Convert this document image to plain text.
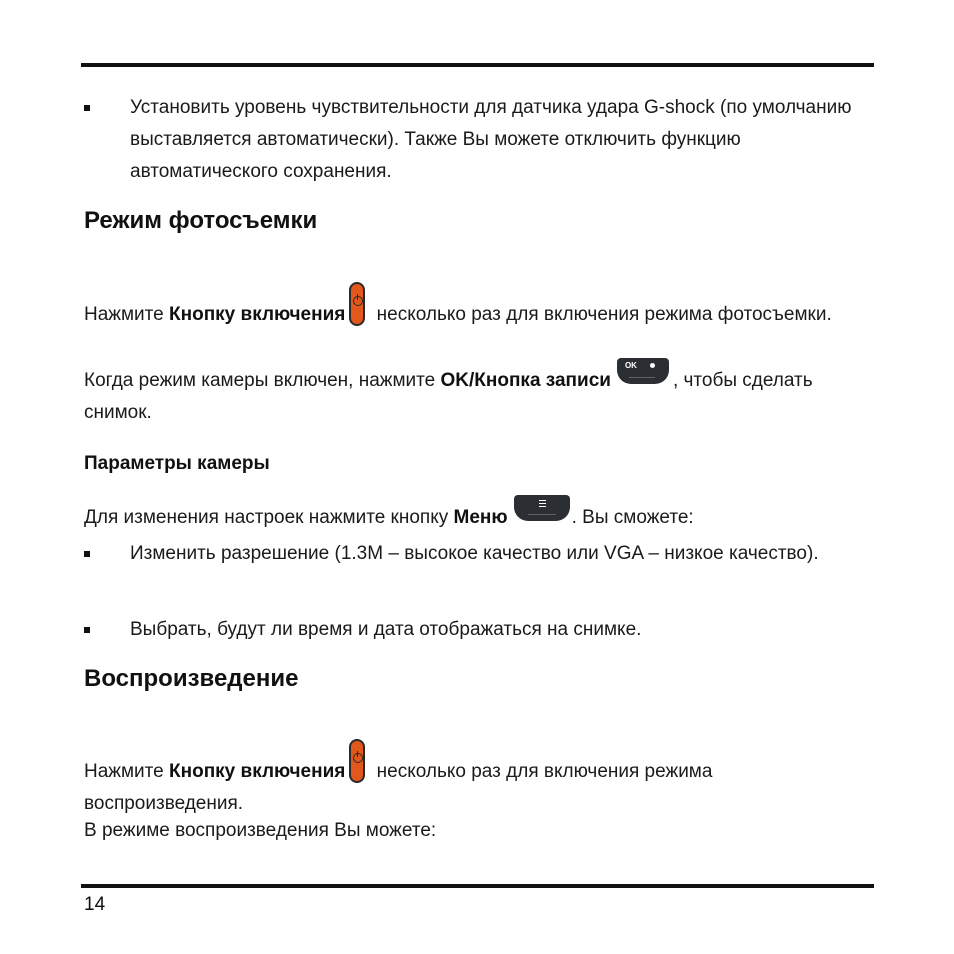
Установить уровень чувствительности для датчика удара G-shock (по умолчанию выставляется автоматически). Также Вы можете отключить функцию автоматического сохранения.
Режим фотосъемки
Нажмите Кнопку включения несколько раз для включения режима фотосъемки.
Когда режим камеры включен, нажмите OK/Кнопка записи
OK
, чтобы сделать снимок.
Параметры камеры
Для изменения настроек нажмите кнопку Меню	. Вы сможете:
Изменить разрешение (1.3М – высокое качество или VGA – низкое качество).
Выбрать, будут ли время и дата отображаться на снимке.
Воспроизведение
Нажмите Кнопку включения несколько раз для включения режима воспроизведения.
В режиме воспроизведения Вы можете:
14
